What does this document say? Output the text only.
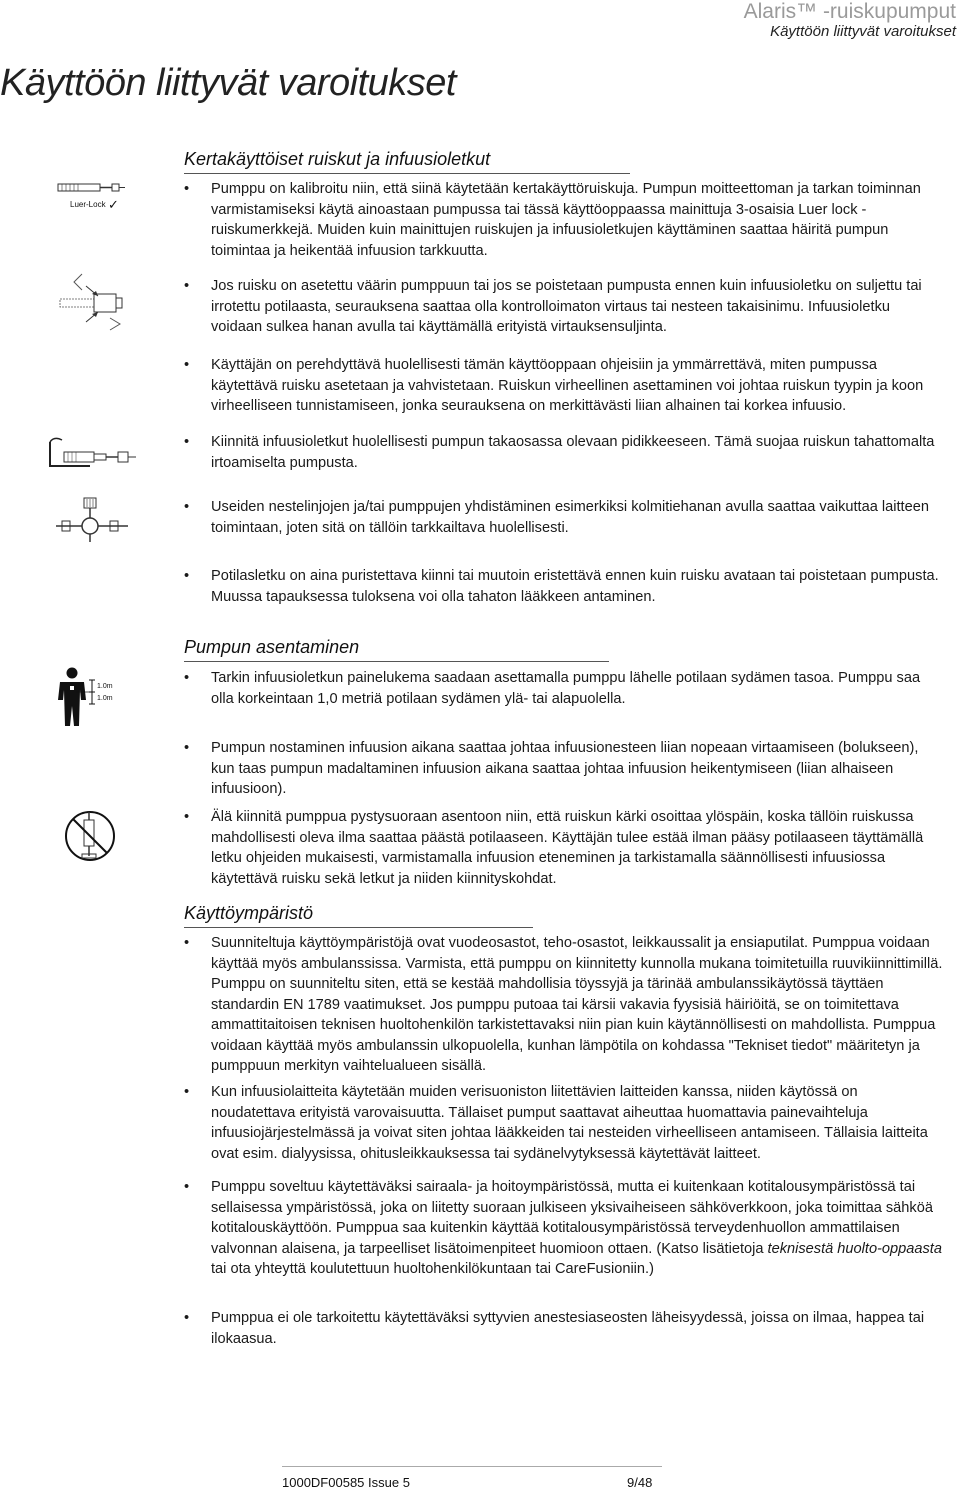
Alaris™ -ruiskupumput
Käyttöön liittyvät varoitukset
Käyttöön liittyvät varoitukset
Kertakäyttöiset ruiskut ja infuusioletkut
Luer-Lock ✓
• Pumppu on kalibroitu niin, että siinä käytetään kertakäyttöruiskuja. Pumpun moitteettoman ja tarkan toiminnan varmistamiseksi käytä ainoastaan pumpussa tai tässä käyttöoppaassa mainittuja 3-osaisia Luer lock -ruiskumerkkejä. Muiden kuin mainittujen ruiskujen ja infuusioletkujen käyttäminen saattaa häiritä pumpun toimintaa ja heikentää infuusion tarkkuutta.
• Jos ruisku on asetettu väärin pumppuun tai jos se poistetaan pumpusta ennen kuin infuusioletku on suljettu tai irrotettu potilaasta, seurauksena saattaa olla kontrolloimaton virtaus tai nesteen takaisinimu. Infuusioletku voidaan sulkea hanan avulla tai käyttämällä erityistä virtauksensuljinta.
• Käyttäjän on perehdyttävä huolellisesti tämän käyttöoppaan ohjeisiin ja ymmärrettävä, miten pumpussa käytettävä ruisku asetetaan ja vahvistetaan. Ruiskun virheellinen asettaminen voi johtaa ruiskun tyypin ja koon virheelliseen tunnistamiseen, jonka seurauksena on merkittävästi liian alhainen tai korkea infuusio.
• Kiinnitä infuusioletkut huolellisesti pumpun takaosassa olevaan pidikkeeseen. Tämä suojaa ruiskun tahattomalta irtoamiselta pumpusta.
• Useiden nestelinjojen ja/tai pumppujen yhdistäminen esimerkiksi kolmitiehanan avulla saattaa vaikuttaa laitteen toimintaan, joten sitä on tällöin tarkkailtava huolellisesti.
• Potilasletku on aina puristettava kiinni tai muutoin eristettävä ennen kuin ruisku avataan tai poistetaan pumpusta. Muussa tapauksessa tuloksena voi olla tahaton lääkkeen antaminen.
Pumpun asentaminen
1.0m
1.0m
• Tarkin infuusioletkun painelukema saadaan asettamalla pumppu lähelle potilaan sydämen tasoa. Pumppu saa olla korkeintaan 1,0 metriä potilaan sydämen ylä- tai alapuolella.
• Pumpun nostaminen infuusion aikana saattaa johtaa infuusionesteen liian nopeaan virtaamiseen (bolukseen), kun taas pumpun madaltaminen infuusion aikana saattaa johtaa infuusion heikentymiseen (liian alhaiseen infuusioon).
• Älä kiinnitä pumppua pystysuoraan asentoon niin, että ruiskun kärki osoittaa ylöspäin, koska tällöin ruiskussa mahdollisesti oleva ilma saattaa päästä potilaaseen. Käyttäjän tulee estää ilman pääsy potilaaseen täyttämällä letku ohjeiden mukaisesti, varmistamalla infuusion eteneminen ja tarkistamalla säännöllisesti infuusiossa käytettävä ruisku sekä letkut ja niiden kiinnityskohdat.
Käyttöympäristö
• Suunniteltuja käyttöympäristöjä ovat vuodeosastot, teho-osastot, leikkaussalit ja ensiaputilat. Pumppua voidaan käyttää myös ambulanssissa. Varmista, että pumppu on kiinnitetty kunnolla mukana toimitetuilla ruuvikiinnittimillä. Pumppu on suunniteltu siten, että se kestää mahdollisia töyssyjä ja tärinää ambulanssikäytössä täyttäen standardin EN 1789 vaatimukset. Jos pumppu putoaa tai kärsii vakavia fyysisiä häiriöitä, se on toimitettava ammattitaitoisen teknisen huoltohenkilön tarkistettavaksi niin pian kuin käytännöllisesti on mahdollista. Pumppua voidaan käyttää myös ambulanssin ulkopuolella, kunhan lämpötila on kohdassa "Tekniset tiedot" määritetyn ja pumppuun merkityn vaihtelualueen sisällä.
• Kun infuusiolaitteita käytetään muiden verisuoniston liitettävien laitteiden kanssa, niiden käytössä on noudatettava erityistä varovaisuutta. Tällaiset pumput saattavat aiheuttaa huomattavia painevaihteluja infuusiojärjestelmässä ja voivat siten johtaa lääkkeiden tai nesteiden virheelliseen antamiseen. Tällaisia laitteita ovat esim. dialyysissa, ohitusleikkauksessa tai sydänelvytyksessä käytettävät laitteet.
• Pumppu soveltuu käytettäväksi sairaala- ja hoitoympäristössä, mutta ei kuitenkaan kotitalousympäristössä tai sellaisessa ympäristössä, joka on liitetty suoraan julkiseen yksivaiheiseen sähköverkkoon, joka toimittaa sähköä kotitalouskäyttöön. Pumppua saa kuitenkin käyttää kotitalousympäristössä terveydenhuollon ammattilaisen valvonnan alaisena, ja tarpeelliset lisätoimenpiteet huomioon ottaen. (Katso lisätietoja teknisestä huolto-oppaasta tai ota yhteyttä koulutettuun huoltohenkilökuntaan tai CareFusioniin.)
• Pumppua ei ole tarkoitettu käytettäväksi syttyvien anestesiaseosten läheisyydessä, joissa on ilmaa, happea tai ilokaasua.
1000DF00585 Issue 5	9/48
